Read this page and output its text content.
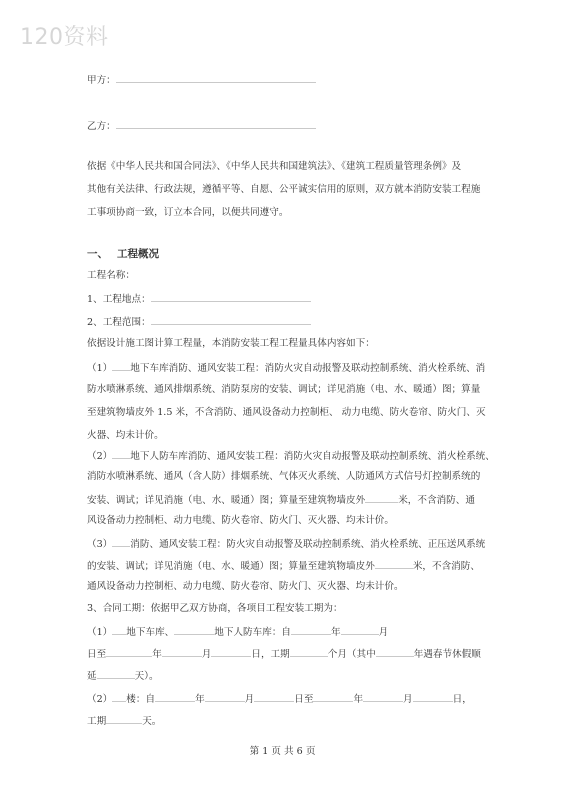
120资料
甲方：
乙方：
依据《中华人民共和国合同法》、《中华人民共和国建筑法》、《建筑工程质量管理条例》及
其他有关法律、行政法规，遵循平等、自愿、公平诚实信用的原则，双方就本消防安装工程施
工事项协商一致，订立本合同，以便共同遵守。
一、 工程概况
工程名称：
1、工程地点：
2、工程范围：
依据设计施工图计算工程量，本消防安装工程工程量具体内容如下：
（1） 地下车库消防、通风安装工程：消防火灾自动报警及联动控制系统、消火栓系统、消
防水喷淋系统、通风排烟系统、消防泵房的安装、调试；详见消施（电、水、暖通）图；算量
至建筑物墙皮外 1.5 米，不含消防、通风设备动力控制柜、 动力电缆、防火卷帘、防火门、灭
火器、均未计价。
（2） 地下人防车库消防、通风安装工程：消防火灾自动报警及联动控制系统、消火栓系统、
消防水喷淋系统、通风（含人防）排烟系统、气体灭火系统、人防通风方式信号灯控制系统的
安装、调试；详见消施（电、水、暖通）图；算量至建筑物墙皮外	米，不含消防、通
风设备动力控制柜、动力电缆、防火卷帘、防火门、灭火器、均未计价。
（3） 消防、通风安装工程：防火灾自动报警及联动控制系统、消火栓系统、正压送风系统
的安装、调试；详见消施（电、水、暖通）图；算量至建筑物墙皮外	米，不含消防、
通风设备动力控制柜、动力电缆、防火卷帘、防火门、灭火器、均未计价。
3、合同工期：依据甲乙双方协商，各项目工程安装工期为：
（1） 地下车库、	地下人防车库：自	年	月
日至	年	月	日，工期	个月（其中	年遇春节休假顺
延	天）。
（2） 楼：自	年	月	日至	年	月	日，
工期	天。
第 1 页 共 6 页
